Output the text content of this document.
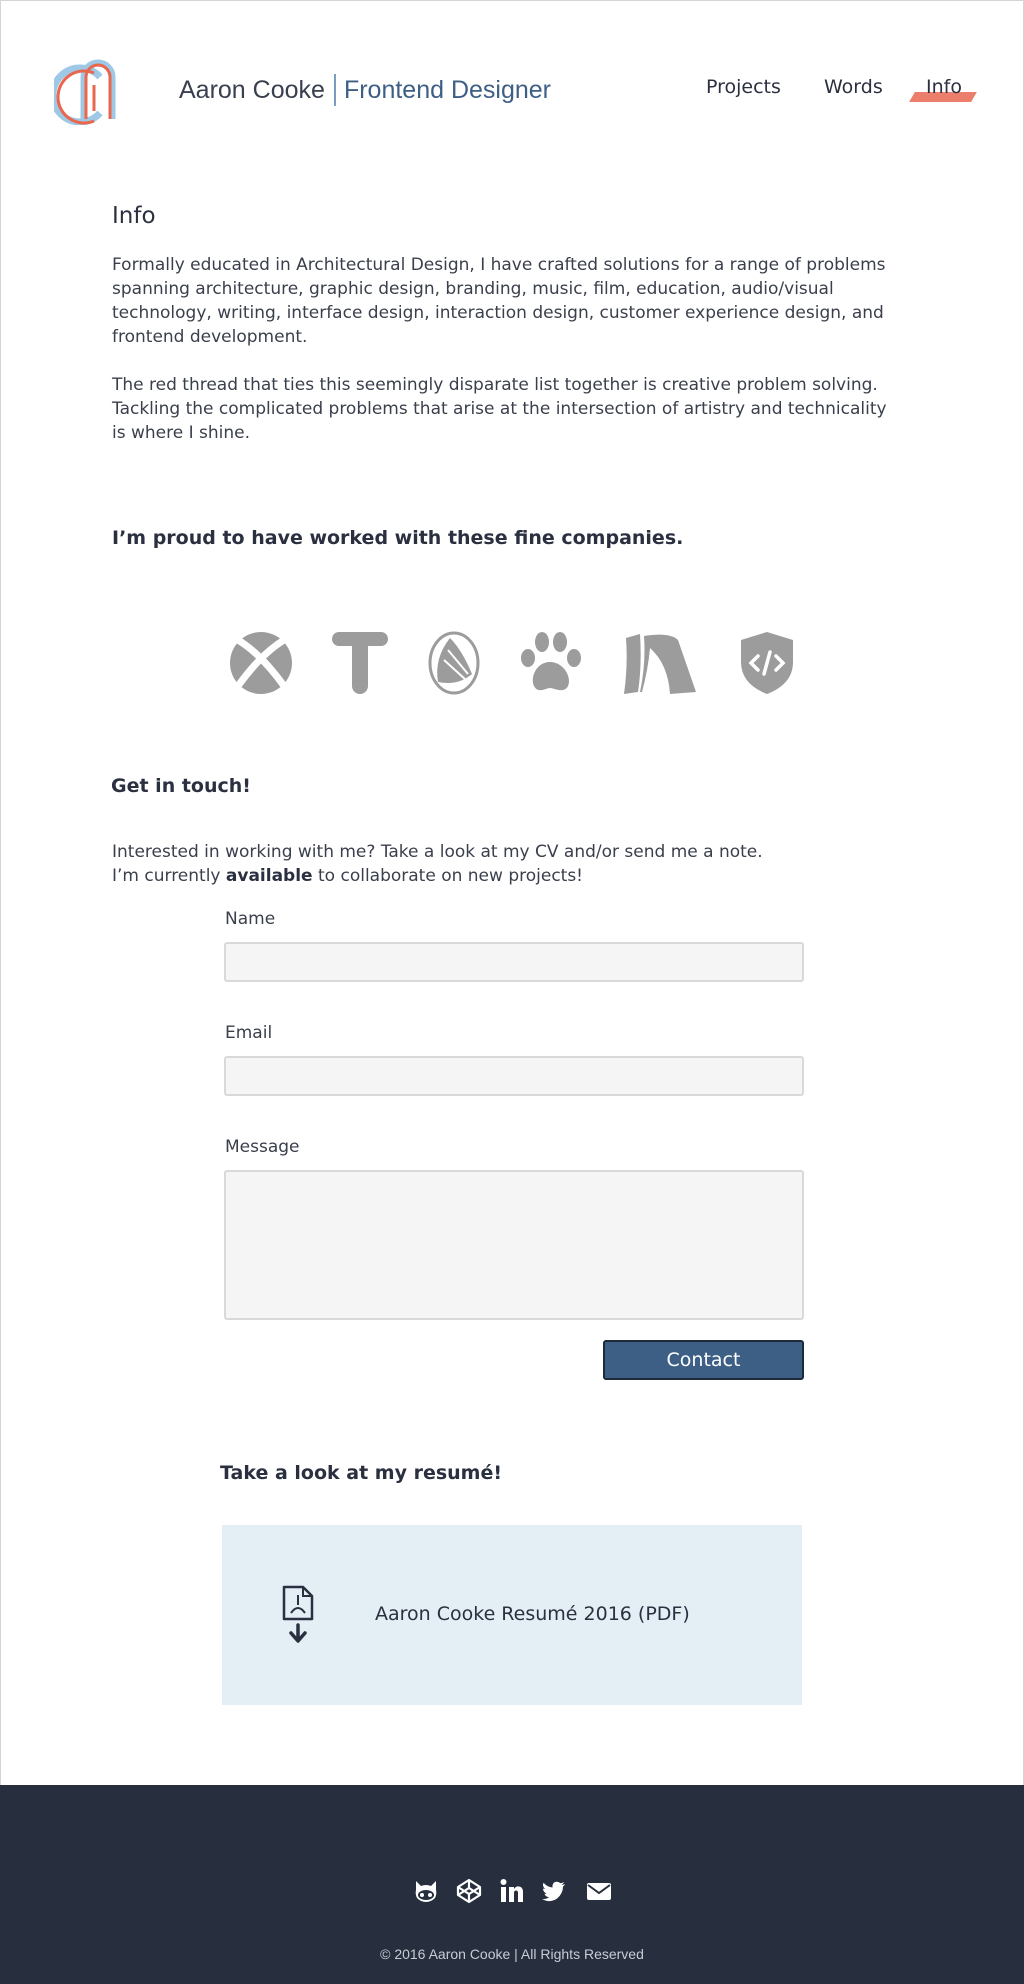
Aaron Cooke Frontend Designer	Projects Words Info
Info

Formally educated in Architectural Design, I have crafted solutions for a range of problems spanning architecture, graphic design, branding, music, film, education, audio/visual technology, writing, interface design, interaction design, customer experience design, and frontend development.

The red thread that ties this seemingly disparate list together is creative problem solving. Tackling the complicated problems that arise at the intersection of artistry and technicality is where I shine.

I’m proud to have worked with these fine companies.
Get in touch!

Interested in working with me? Take a look at my CV and/or send me a note.
I’m currently available to collaborate on new projects!

Name
Email
Message
Contact
Take a look at my resumé!
Aaron Cooke Resumé 2016 (PDF)

© 2016 Aaron Cooke | All Rights Reserved
